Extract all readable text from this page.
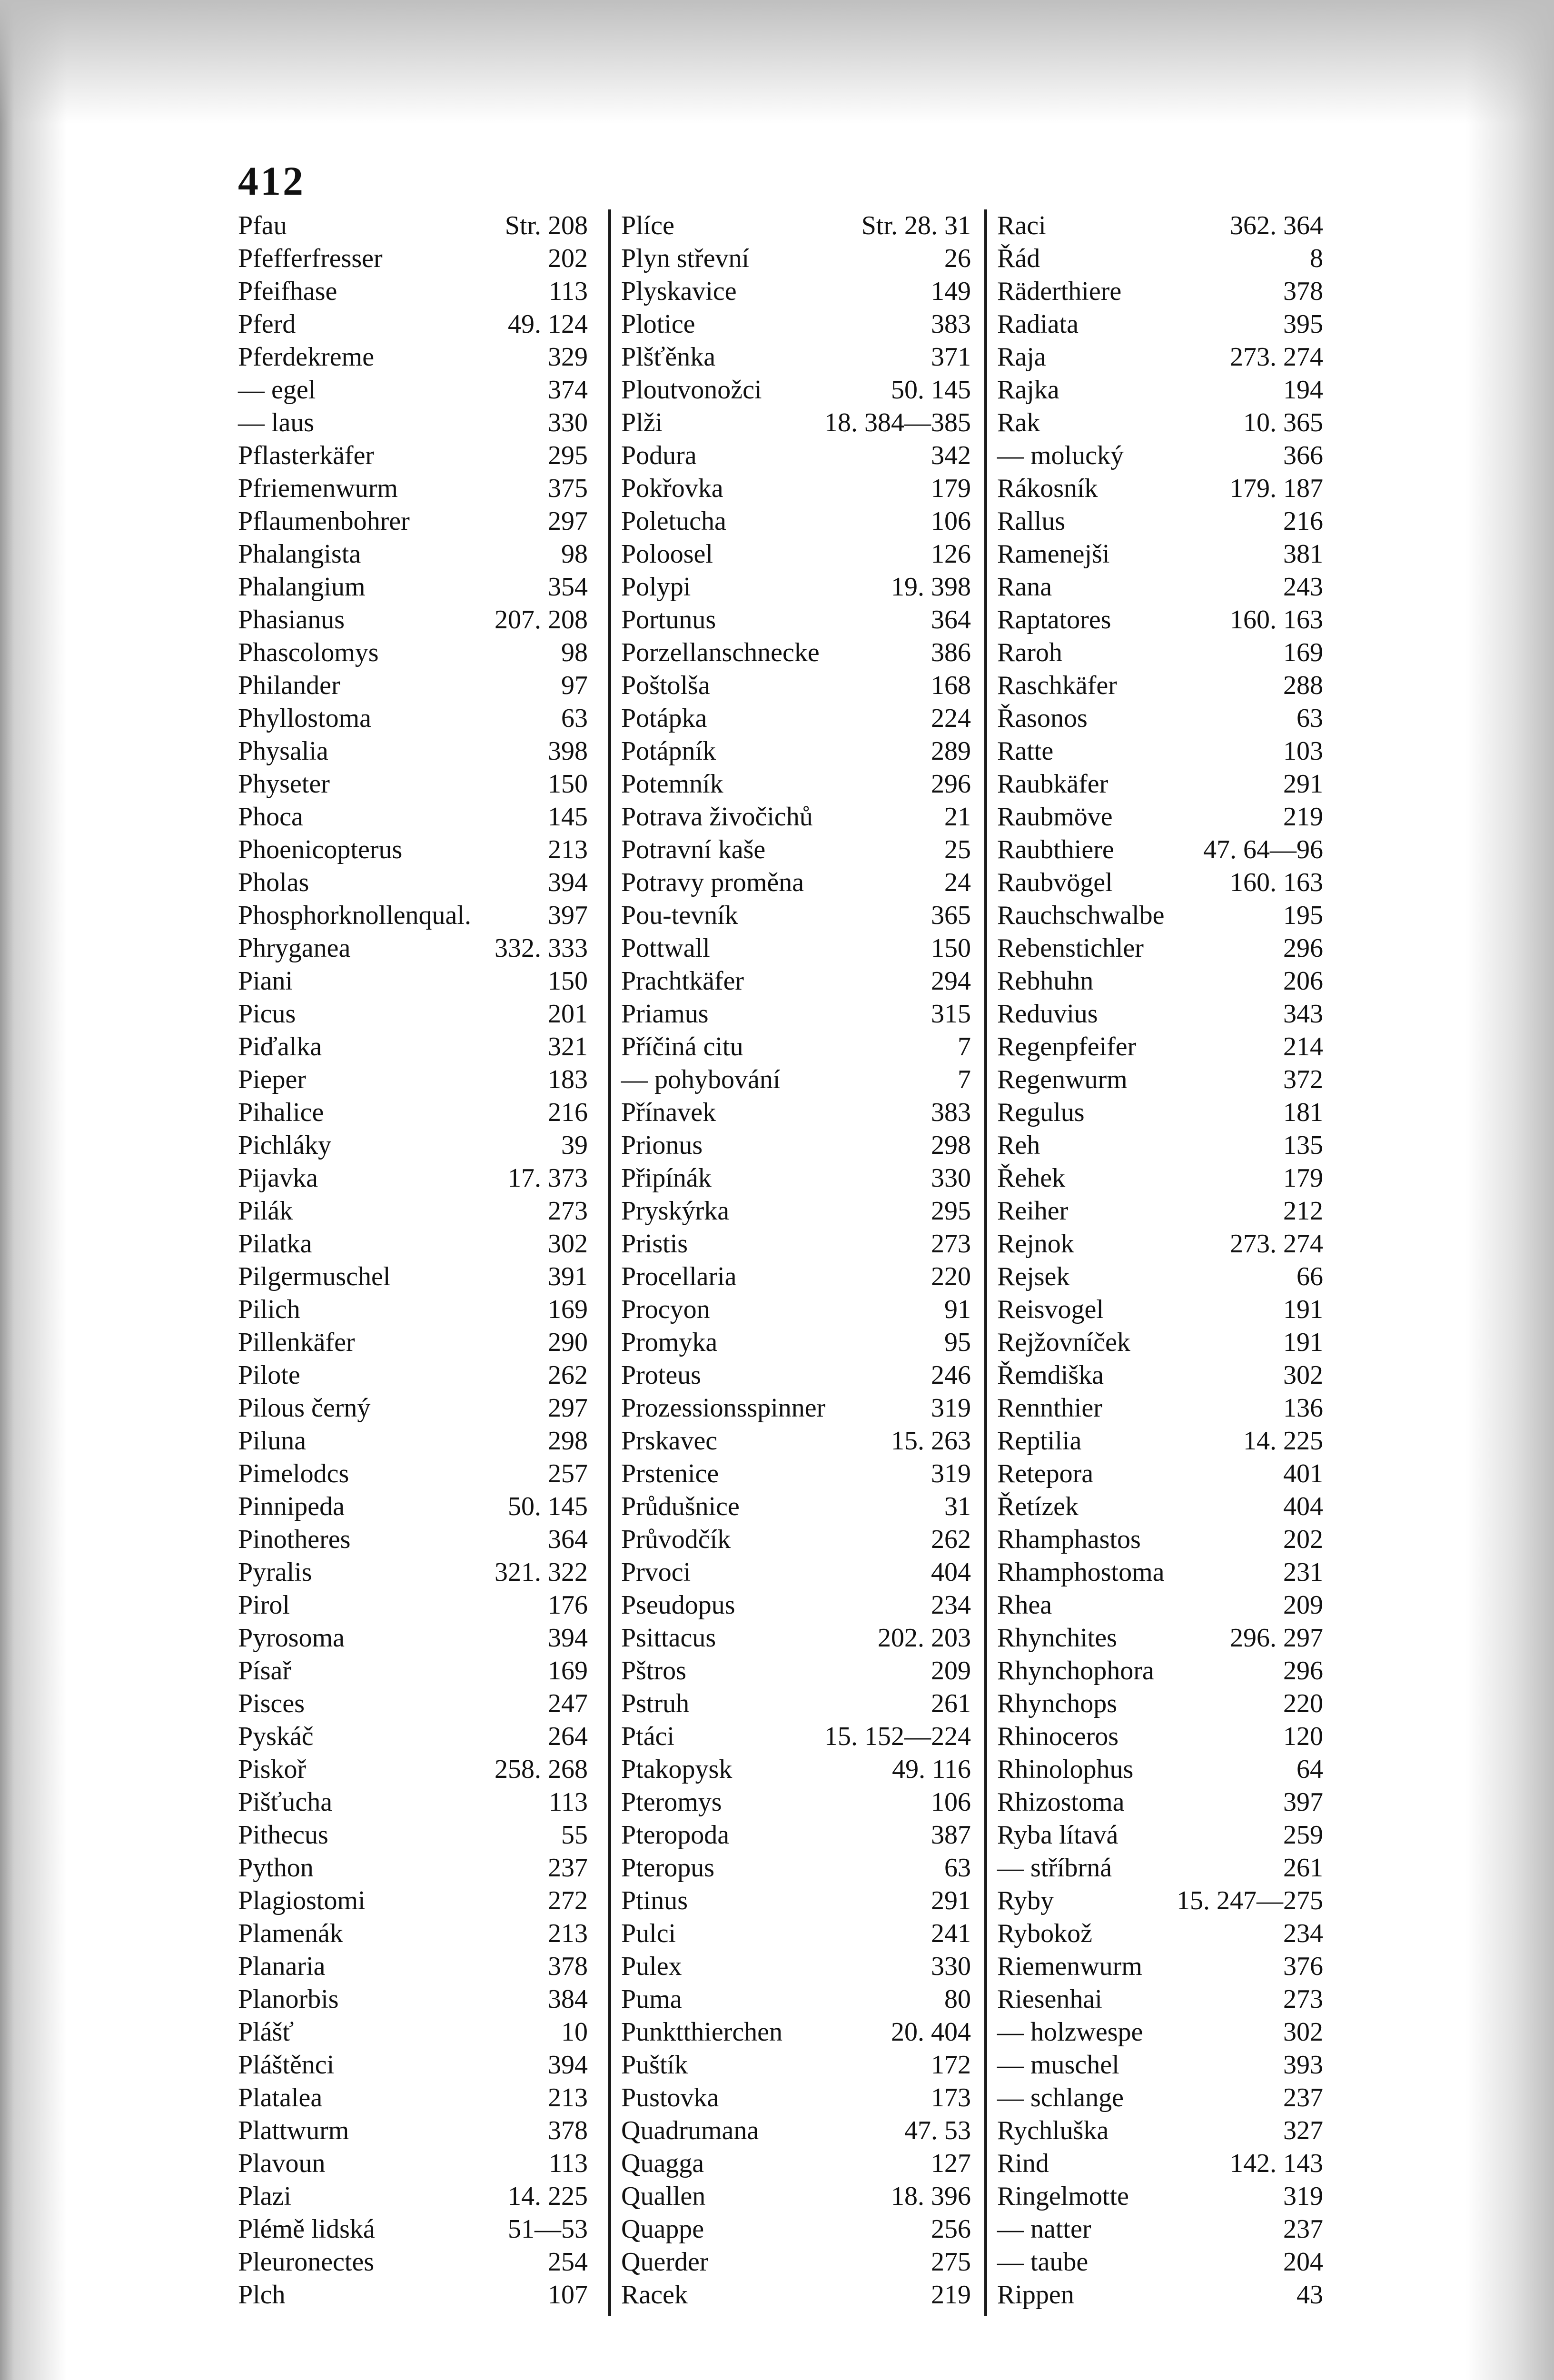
412
Pfau	Str. 208
Pfefferfresser	202
Pfeifhase	113
Pferd	49. 124
Pferdekreme	329
— egel	374
— laus	330
Pflasterkäfer	295
Pfriemenwurm	375
Pflaumenbohrer	297
Phalangista	98
Phalangium	354
Phasianus	207. 208
Phascolomys	98
Philander	97
Phyllostoma	63
Physalia	398
Physeter	150
Phoca	145
Phoenicopterus	213
Pholas	394
Phosphorknollenqual.	397
Phryganea	332. 333
Piani	150
Picus	201
Piďalka	321
Pieper	183
Pihalice	216
Pichláky	39
Pijavka	17. 373
Pilák	273
Pilatka	302
Pilgermuschel	391
Pilich	169
Pillenkäfer	290
Pilote	262
Pilous černý	297
Piluna	298
Pimelodcs	257
Pinnipeda	50. 145
Pinotheres	364
Pyralis	321. 322
Pirol	176
Pyrosoma	394
Písař	169
Pisces	247
Pyskáč	264
Piskoř	258. 268
Pišťucha	113
Pithecus	55
Python	237
Plagiostomi	272
Plamenák	213
Planaria	378
Planorbis	384
Plášť	10
Pláštěnci	394
Platalea	213
Plattwurm	378
Plavoun	113
Plazi	14. 225
Plémě lidská	51—53
Pleuronectes	254
Plch	107
Plíce	Str. 28. 31
Plyn střevní	26
Plyskavice	149
Plotice	383
Plšťěnka	371
Ploutvonožci	50. 145
Plži	18. 384—385
Podura	342
Pokřovka	179
Poletucha	106
Poloosel	126
Polypi	19. 398
Portunus	364
Porzellanschnecke	386
Poštolša	168
Potápka	224
Potápník	289
Potemník	296
Potrava živočichů	21
Potravní kaše	25
Potravy proměna	24
Pou-tevník	365
Pottwall	150
Prachtkäfer	294
Priamus	315
Příčiná citu	7
— pohybování	7
Přínavek	383
Prionus	298
Připínák	330
Pryskýrka	295
Pristis	273
Procellaria	220
Procyon	91
Promyka	95
Proteus	246
Prozessionsspinner	319
Prskavec	15. 263
Prstenice	319
Průdušnice	31
Průvodčík	262
Prvoci	404
Pseudopus	234
Psittacus	202. 203
Pštros	209
Pstruh	261
Ptáci	15. 152—224
Ptakopysk	49. 116
Pteromys	106
Pteropoda	387
Pteropus	63
Ptinus	291
Pulci	241
Pulex	330
Puma	80
Punktthierchen	20. 404
Puštík	172
Pustovka	173
Quadrumana	47. 53
Quagga	127
Quallen	18. 396
Quappe	256
Querder	275
Racek	219
Raci	362. 364
Řád	8
Räderthiere	378
Radiata	395
Raja	273. 274
Rajka	194
Rak	10. 365
— molucký	366
Rákosník	179. 187
Rallus	216
Ramenejši	381
Rana	243
Raptatores	160. 163
Raroh	169
Raschkäfer	288
Řasonos	63
Ratte	103
Raubkäfer	291
Raubmöve	219
Raubthiere	47. 64—96
Raubvögel	160. 163
Rauchschwalbe	195
Rebenstichler	296
Rebhuhn	206
Reduvius	343
Regenpfeifer	214
Regenwurm	372
Regulus	181
Reh	135
Řehek	179
Reiher	212
Rejnok	273. 274
Rejsek	66
Reisvogel	191
Rejžovníček	191
Řemdiška	302
Rennthier	136
Reptilia	14. 225
Retepora	401
Řetízek	404
Rhamphastos	202
Rhamphostoma	231
Rhea	209
Rhynchites	296. 297
Rhynchophora	296
Rhynchops	220
Rhinoceros	120
Rhinolophus	64
Rhizostoma	397
Ryba lítavá	259
— stříbrná	261
Ryby	15. 247—275
Rybokož	234
Riemenwurm	376
Riesenhai	273
— holzwespe	302
— muschel	393
— schlange	237
Rychluška	327
Rind	142. 143
Ringelmotte	319
— natter	237
— taube	204
Rippen	43
